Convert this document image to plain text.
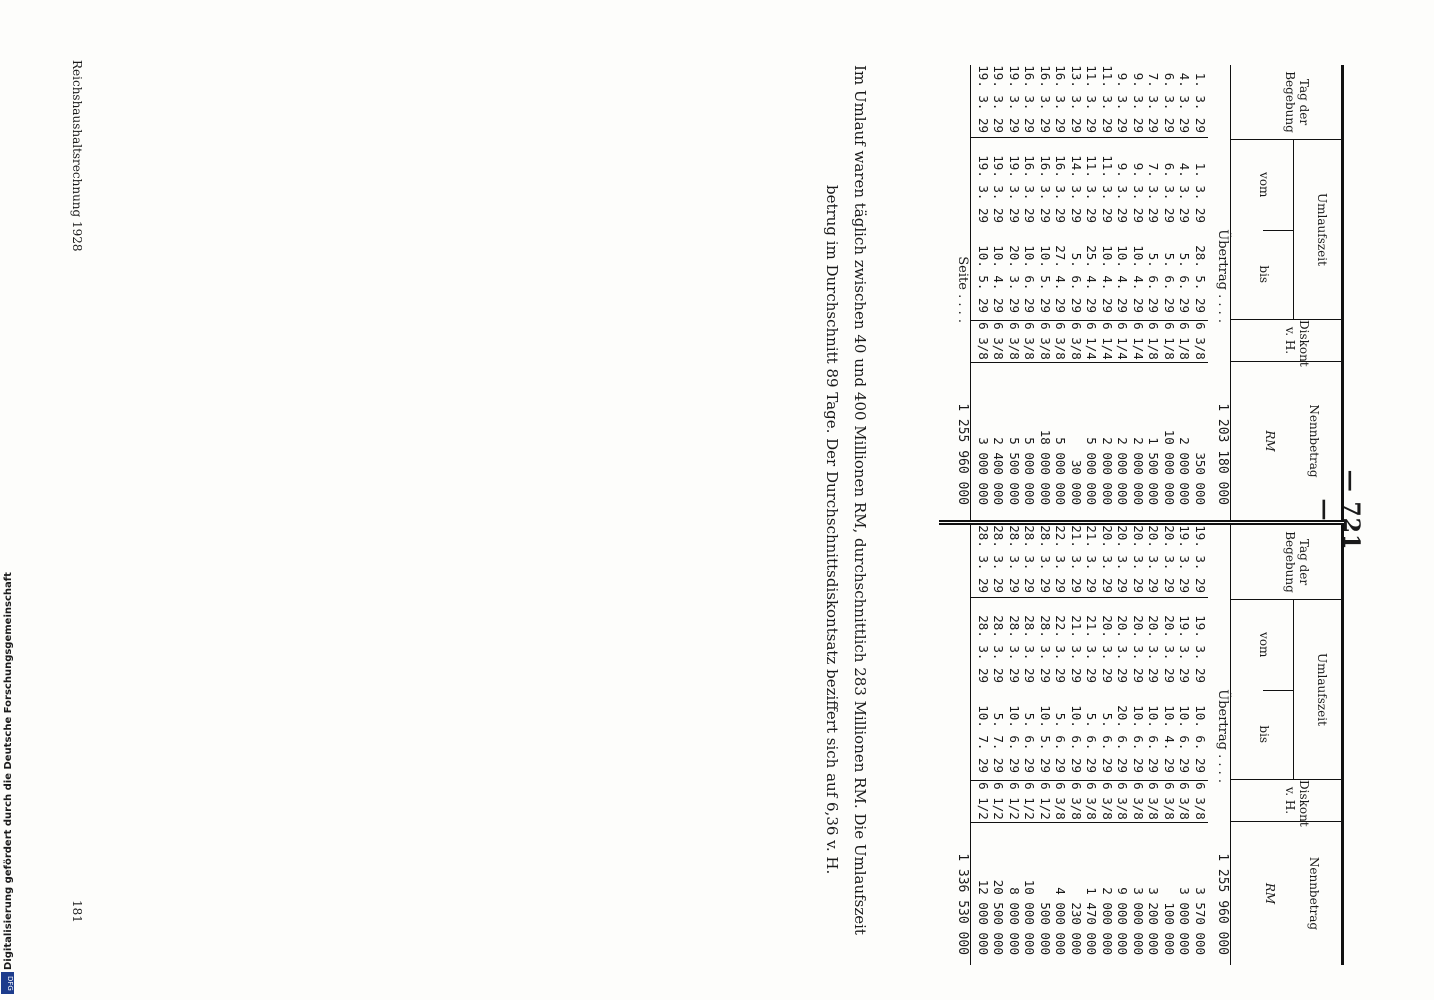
— 721 —
Tag der Begebung
Umlaufszeit
vom
bis
Diskont v. H.
Nennbetrag
RM
Übertrag . . . .
1 203 180 000
1. 3. 29
1. 3. 29
28. 5. 29
6 3/8
350 000
4. 3. 29
4. 3. 29
5. 6. 29
6 1/8
2 000 000
6. 3. 29
6. 3. 29
5. 6. 29
6 1/8
10 000 000
7. 3. 29
7. 3. 29
5. 6. 29
6 1/8
1 500 000
9. 3. 29
9. 3. 29
10. 4. 29
6 1/4
2 000 000
9. 3. 29
9. 3. 29
10. 4. 29
6 1/4
2 000 000
11. 3. 29
11. 3. 29
10. 4. 29
6 1/4
2 000 000
11. 3. 29
11. 3. 29
25. 4. 29
6 1/4
5 000 000
13. 3. 29
14. 3. 29
5. 6. 29
6 3/8
30 000
16. 3. 29
16. 3. 29
27. 4. 29
6 3/8
5 000 000
16. 3. 29
16. 3. 29
10. 5. 29
6 3/8
18 000 000
16. 3. 29
16. 3. 29
10. 6. 29
6 3/8
5 000 000
19. 3. 29
19. 3. 29
20. 3. 29
6 3/8
5 500 000
19. 3. 29
19. 3. 29
10. 4. 29
6 3/8
2 400 000
19. 3. 29
19. 3. 29
10. 5. 29
6 3/8
3 000 000
Seite . . . .
1 255 960 000
Tag der Begebung
Umlaufszeit
vom
bis
Diskont v. H.
Nennbetrag
RM
Übertrag . . . .
1 255 960 000
19. 3. 29
19. 3. 29
10. 6. 29
6 3/8
3 570 000
19. 3. 29
19. 3. 29
10. 6. 29
6 3/8
3 000 000
20. 3. 29
20. 3. 29
10. 4. 29
6 3/8
100 000
20. 3. 29
20. 3. 29
10. 6. 29
6 3/8
3 200 000
20. 3. 29
20. 3. 29
10. 6. 29
6 3/8
3 000 000
20. 3. 29
20. 3. 29
20. 6. 29
6 3/8
9 000 000
20. 3. 29
20. 3. 29
5. 6. 29
6 3/8
2 000 000
21. 3. 29
21. 3. 29
5. 6. 29
6 3/8
1 470 000
21. 3. 29
21. 3. 29
10. 6. 29
6 3/8
230 000
22. 3. 29
22. 3. 29
5. 6. 29
6 3/8
4 000 000
28. 3. 29
28. 3. 29
10. 5. 29
6 1/2
500 000
28. 3. 29
28. 3. 29
5. 6. 29
6 1/2
10 000 000
28. 3. 29
28. 3. 29
10. 6. 29
6 1/2
8 000 000
28. 3. 29
28. 3. 29
5. 7. 29
6 1/2
20 500 000
28. 3. 29
28. 3. 29
10. 7. 29
6 1/2
12 000 000
1 336 530 000
Im Umlauf waren täglich zwischen 40 und 400 Millionen RM, durchschnittlich 283 Millionen RM. Die Umlaufszeit
betrug im Durchschnitt 89 Tage. Der Durchschnittsdiskontsatz beziffert sich auf 6,36 v. H.
Reichshaushaltsrechnung 1928
181
Digitalisierung gefördert durch die Deutsche Forschungsgemeinschaft
DFG
